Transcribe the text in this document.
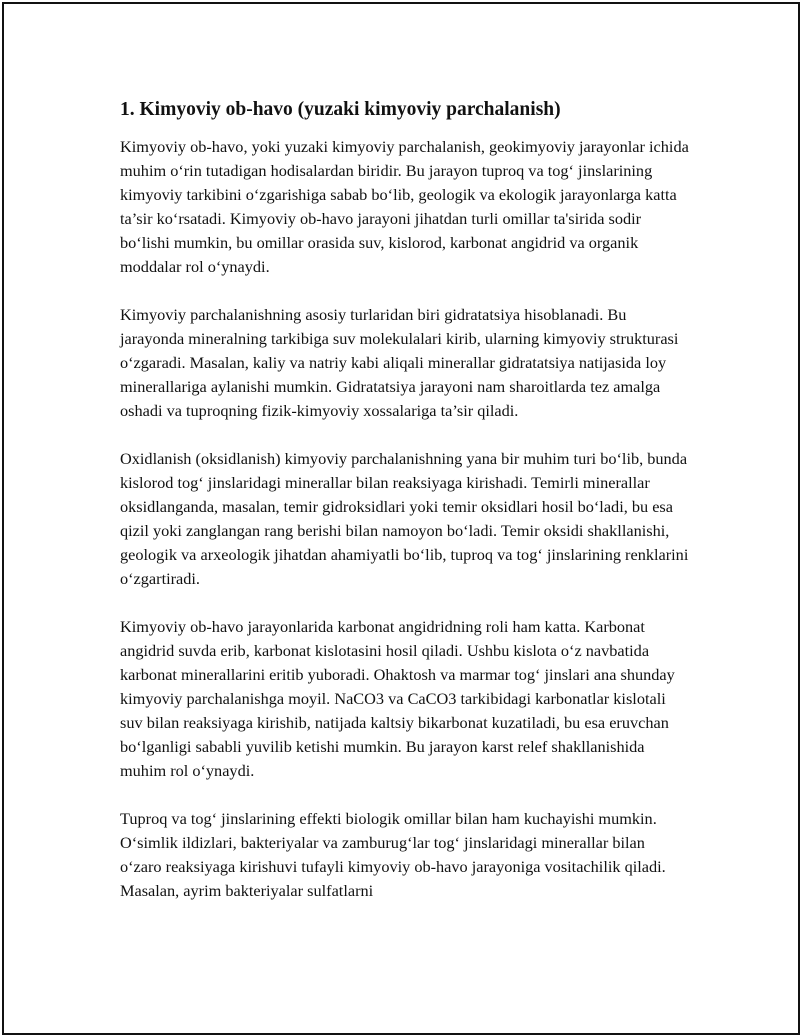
1. Kimyoviy ob-havo (yuzaki kimyoviy parchalanish)

Kimyoviy ob-havo, yoki yuzaki kimyoviy parchalanish, geokimyoviy jarayonlar ichida muhim o‘rin tutadigan hodisalardan biridir. Bu jarayon tuproq va tog‘ jinslarining kimyoviy tarkibini o‘zgarishiga sabab bo‘lib, geologik va ekologik jarayonlarga katta ta’sir ko‘rsatadi. Kimyoviy ob-havo jarayoni jihatdan turli omillar ta'sirida sodir bo‘lishi mumkin, bu omillar orasida suv, kislorod, karbonat angidrid va organik moddalar rol o‘ynaydi.

Kimyoviy parchalanishning asosiy turlaridan biri gidratatsiya hisoblanadi. Bu jarayonda mineralning tarkibiga suv molekulalari kirib, ularning kimyoviy strukturasi o‘zgaradi. Masalan, kaliy va natriy kabi aliqali minerallar gidratatsiya natijasida loy minerallariga aylanishi mumkin. Gidratatsiya jarayoni nam sharoitlarda tez amalga oshadi va tuproqning fizik-kimyoviy xossalariga ta’sir qiladi.

Oxidlanish (oksidlanish) kimyoviy parchalanishning yana bir muhim turi bo‘lib, bunda kislorod tog‘ jinslaridagi minerallar bilan reaksiyaga kirishadi. Temirli minerallar oksidlanganda, masalan, temir gidroksidlari yoki temir oksidlari hosil bo‘ladi, bu esa qizil yoki zanglangan rang berishi bilan namoyon bo‘ladi. Temir oksidi shakllanishi, geologik va arxeologik jihatdan ahamiyatli bo‘lib, tuproq va tog‘ jinslarining renklarini o‘zgartiradi.

Kimyoviy ob-havo jarayonlarida karbonat angidridning roli ham katta. Karbonat angidrid suvda erib, karbonat kislotasini hosil qiladi. Ushbu kislota o‘z navbatida karbonat minerallarini eritib yuboradi. Ohaktosh va marmar tog‘ jinslari ana shunday kimyoviy parchalanishga moyil. NaCO3 va CaCO3 tarkibidagi karbonatlar kislotali suv bilan reaksiyaga kirishib, natijada kaltsiy bikarbonat kuzatiladi, bu esa eruvchan bo‘lganligi sababli yuvilib ketishi mumkin. Bu jarayon karst relef shakllanishida muhim rol o‘ynaydi.

Tuproq va tog‘ jinslarining effekti biologik omillar bilan ham kuchayishi mumkin. O‘simlik ildizlari, bakteriyalar va zamburug‘lar tog‘ jinslaridagi minerallar bilan o‘zaro reaksiyaga kirishuvi tufayli kimyoviy ob-havo jarayoniga vositachilik qiladi. Masalan, ayrim bakteriyalar sulfatlarni
